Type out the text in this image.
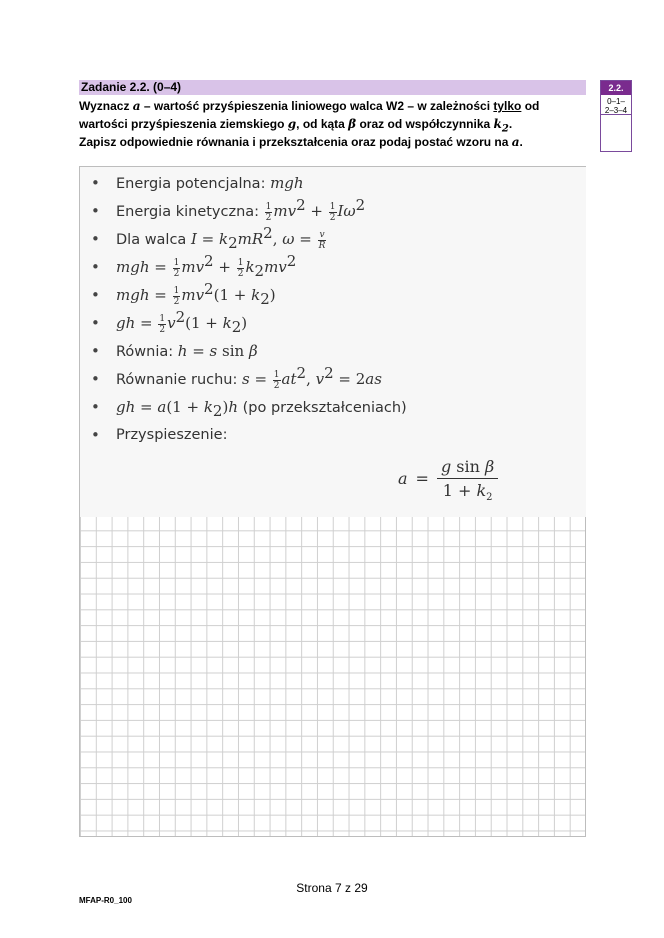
Zadanie 2.2. (0–4)
Wyznacz a – wartość przyśpieszenia liniowego walca W2 – w zależności tylko od
wartości przyśpieszenia ziemskiego g, od kąta β oraz od współczynnika $k_2$.
Zapisz odpowiednie równania i przekształcenia oraz podaj postać wzoru na a.
2.2.
0–1–
2–3–4
• Energia potencjalna: mgh
• Energia kinetyczna: $\frac{1}{2} mv^2 + \frac{1}{2} I\omega^2$
• Dla walca $I = k_2mR^2$, $\omega = \frac{v}{R}$
• mgh = $\frac{1}{2} mv^2 + \frac{1}{2} k_2mv^2$
• mgh = $\frac{1}{2} mv^2(1 + k_2)$
• gh = $\frac{1}{2} v^2(1 + k_2)$
• Równia: h = s sin β
• Równanie ruchu: $s = \frac{1}{2} at^2$, $v^2 = 2as$
• gh = $a(1 + k_2)h$ (po przekształceniach)
• Przyspieszenie:
$a = \frac{\text{g sin β}}{1 + k_2}$
Strona 7 z 29
MFAP-R0_100
